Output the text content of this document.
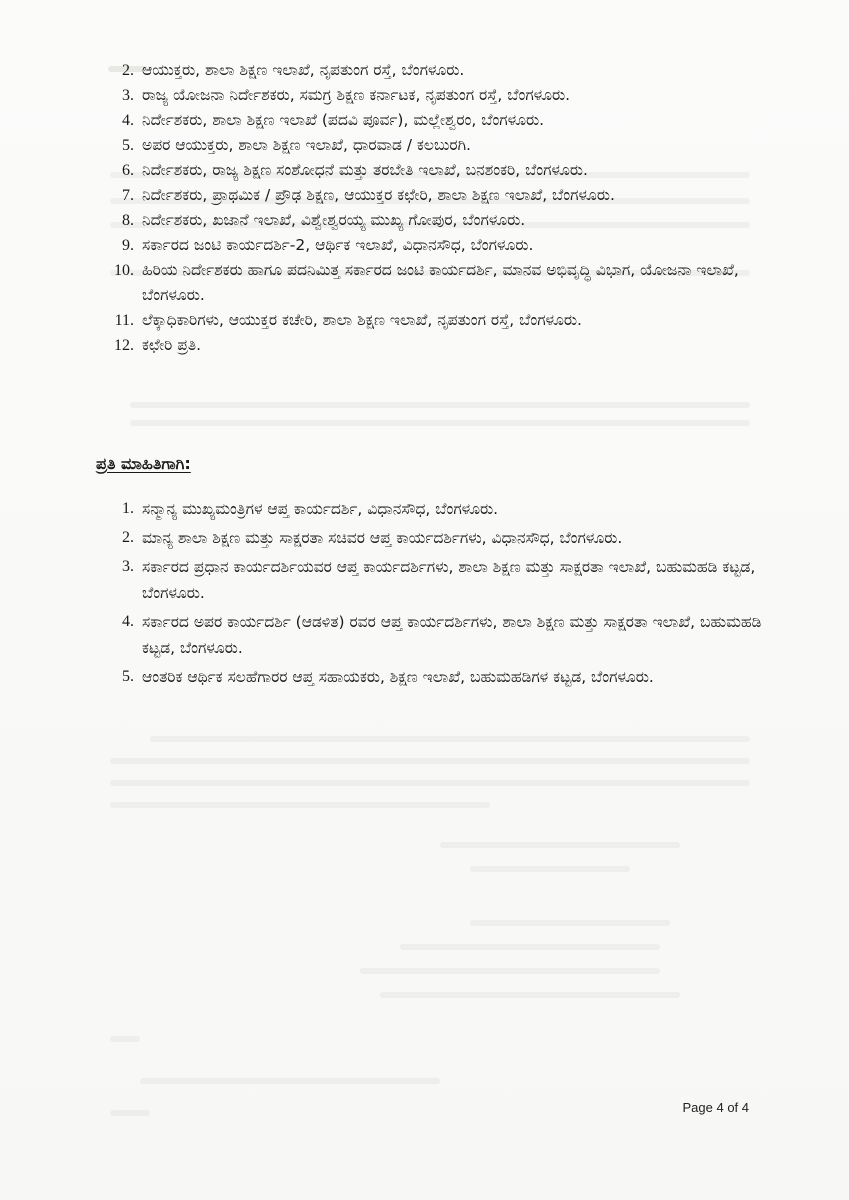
2. ಆಯುಕ್ತರು, ಶಾಲಾ ಶಿಕ್ಷಣ ಇಲಾಖೆ, ನೃಪತುಂಗ ರಸ್ತೆ, ಬೆಂಗಳೂರು.
3. ರಾಜ್ಯ ಯೋಜನಾ ನಿರ್ದೇಶಕರು, ಸಮಗ್ರ ಶಿಕ್ಷಣ ಕರ್ನಾಟಕ, ನೃಪತುಂಗ ರಸ್ತೆ, ಬೆಂಗಳೂರು.
4. ನಿರ್ದೇಶಕರು, ಶಾಲಾ ಶಿಕ್ಷಣ ಇಲಾಖೆ (ಪದವಿ ಪೂರ್ವ), ಮಲ್ಲೇಶ್ವರಂ, ಬೆಂಗಳೂರು.
5. ಅಪರ ಆಯುಕ್ತರು, ಶಾಲಾ ಶಿಕ್ಷಣ ಇಲಾಖೆ, ಧಾರವಾಡ / ಕಲಬುರಗಿ.
6. ನಿರ್ದೇಶಕರು, ರಾಜ್ಯ ಶಿಕ್ಷಣ ಸಂಶೋಧನೆ ಮತ್ತು ತರಬೇತಿ ಇಲಾಖೆ, ಬನಶಂಕರಿ, ಬೆಂಗಳೂರು.
7. ನಿರ್ದೇಶಕರು, ಪ್ರಾಥಮಿಕ / ಪ್ರೌಢ ಶಿಕ್ಷಣ, ಆಯುಕ್ತರ ಕಛೇರಿ, ಶಾಲಾ ಶಿಕ್ಷಣ ಇಲಾಖೆ, ಬೆಂಗಳೂರು.
8. ನಿರ್ದೇಶಕರು, ಖಜಾನೆ ಇಲಾಖೆ, ವಿಶ್ವೇಶ್ವರಯ್ಯ ಮುಖ್ಯ ಗೋಪುರ, ಬೆಂಗಳೂರು.
9. ಸರ್ಕಾರದ ಜಂಟಿ ಕಾರ್ಯದರ್ಶಿ-2, ಆರ್ಥಿಕ ಇಲಾಖೆ, ವಿಧಾನಸೌಧ, ಬೆಂಗಳೂರು.
10. ಹಿರಿಯ ನಿರ್ದೇಶಕರು ಹಾಗೂ ಪದನಿಮಿತ್ತ ಸರ್ಕಾರದ ಜಂಟಿ ಕಾರ್ಯದರ್ಶಿ, ಮಾನವ ಅಭಿವೃದ್ಧಿ ವಿಭಾಗ, ಯೋಜನಾ ಇಲಾಖೆ, ಬೆಂಗಳೂರು.
11. ಲೆಕ್ಕಾಧಿಕಾರಿಗಳು, ಆಯುಕ್ತರ ಕಚೇರಿ, ಶಾಲಾ ಶಿಕ್ಷಣ ಇಲಾಖೆ, ನೃಪತುಂಗ ರಸ್ತೆ, ಬೆಂಗಳೂರು.
12. ಕಛೇರಿ ಪ್ರತಿ.
ಪ್ರತಿ ಮಾಹಿತಿಗಾಗಿ:
1. ಸನ್ಮಾನ್ಯ ಮುಖ್ಯಮಂತ್ರಿಗಳ ಆಪ್ತ ಕಾರ್ಯದರ್ಶಿ, ವಿಧಾನಸೌಧ, ಬೆಂಗಳೂರು.
2. ಮಾನ್ಯ ಶಾಲಾ ಶಿಕ್ಷಣ ಮತ್ತು ಸಾಕ್ಷರತಾ ಸಚಿವರ ಆಪ್ತ ಕಾರ್ಯದರ್ಶಿಗಳು, ವಿಧಾನಸೌಧ, ಬೆಂಗಳೂರು.
3. ಸರ್ಕಾರದ ಪ್ರಧಾನ ಕಾರ್ಯದರ್ಶಿಯವರ ಆಪ್ತ ಕಾರ್ಯದರ್ಶಿಗಳು, ಶಾಲಾ ಶಿಕ್ಷಣ ಮತ್ತು ಸಾಕ್ಷರತಾ ಇಲಾಖೆ, ಬಹುಮಹಡಿ ಕಟ್ಟಡ, ಬೆಂಗಳೂರು.
4. ಸರ್ಕಾರದ ಅಪರ ಕಾರ್ಯದರ್ಶಿ (ಆಡಳಿತ) ರವರ ಆಪ್ತ ಕಾರ್ಯದರ್ಶಿಗಳು, ಶಾಲಾ ಶಿಕ್ಷಣ ಮತ್ತು ಸಾಕ್ಷರತಾ ಇಲಾಖೆ, ಬಹುಮಹಡಿ ಕಟ್ಟಡ, ಬೆಂಗಳೂರು.
5. ಆಂತರಿಕ ಆರ್ಥಿಕ ಸಲಹೆಗಾರರ ಆಪ್ತ ಸಹಾಯಕರು, ಶಿಕ್ಷಣ ಇಲಾಖೆ, ಬಹುಮಹಡಿಗಳ ಕಟ್ಟಡ, ಬೆಂಗಳೂರು.
Page 4 of 4
